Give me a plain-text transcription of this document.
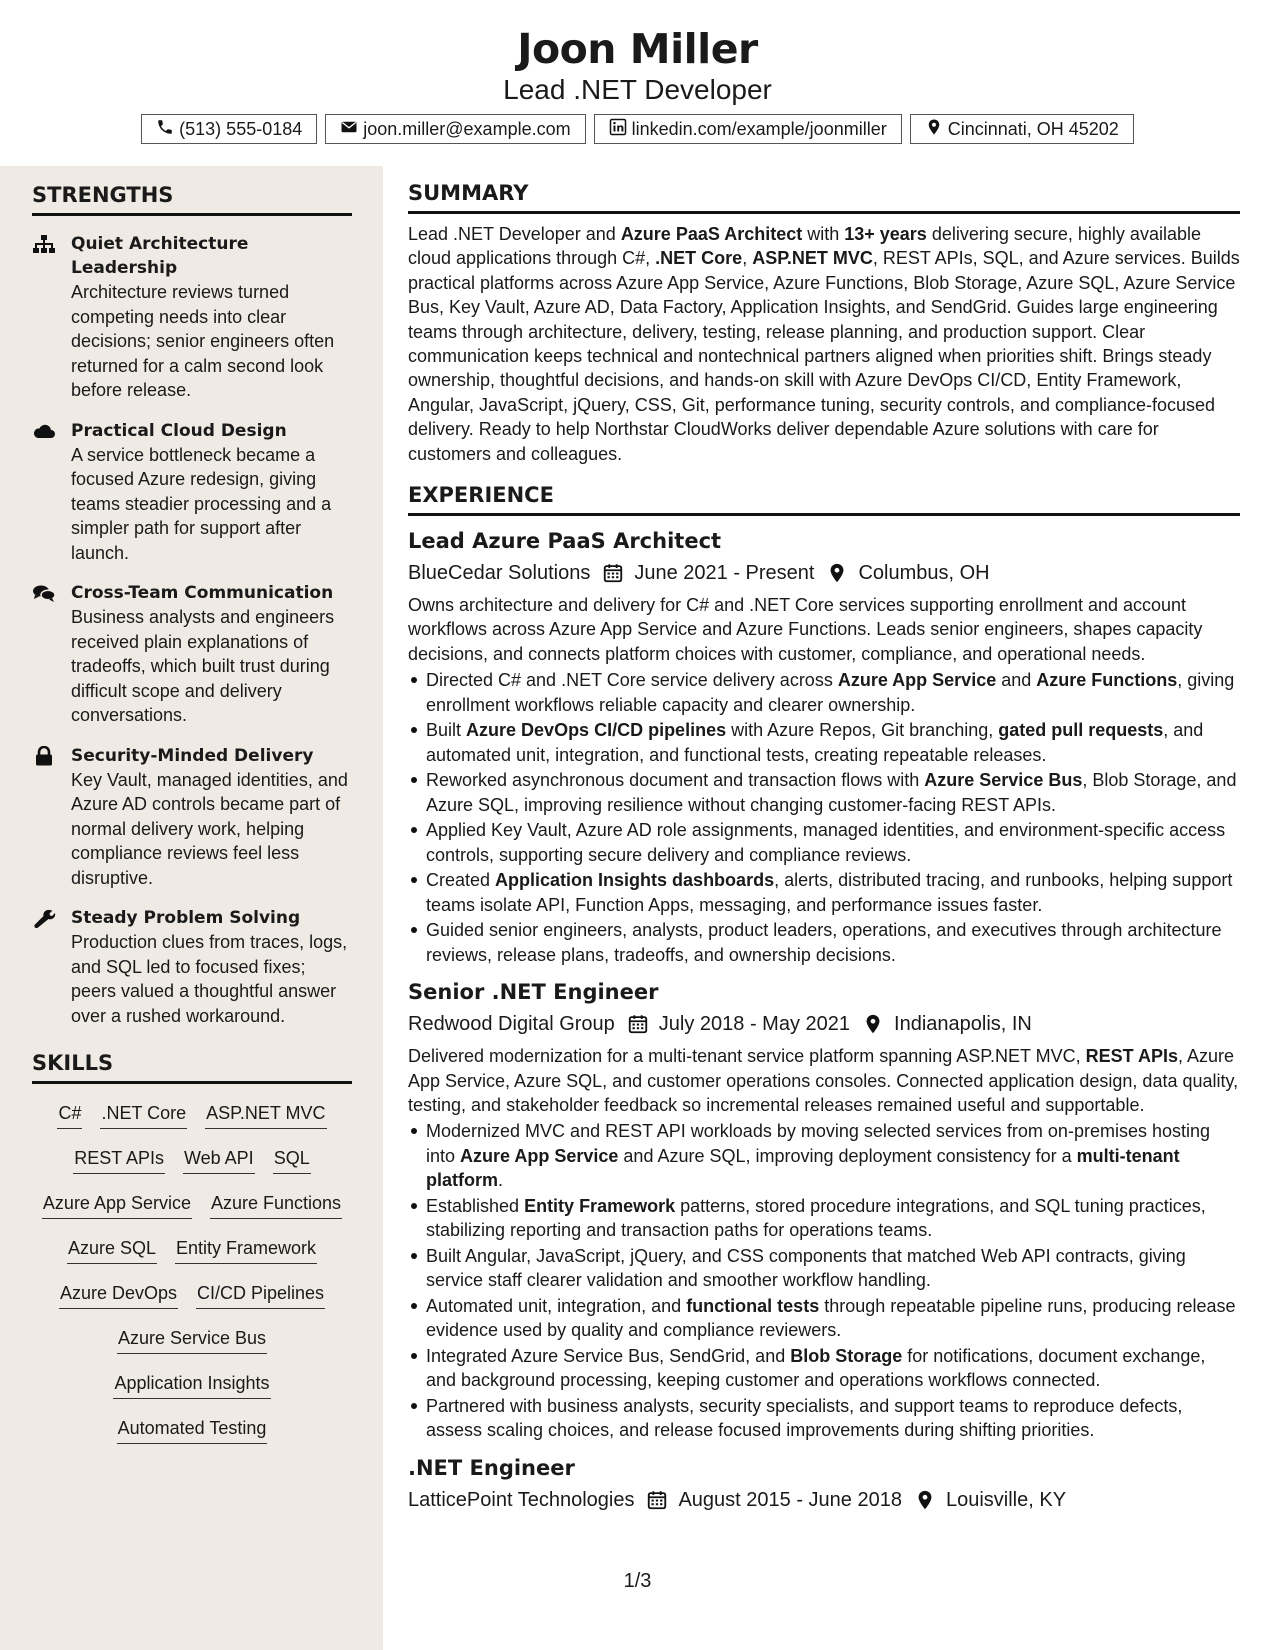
Joon Miller
Lead .NET Developer
(513) 555-0184	joon.miller@example.com	linkedin.com/example/joonmiller	Cincinnati, OH 45202
STRENGTHS
Quiet Architecture Leadership
Architecture reviews turned competing needs into clear decisions; senior engineers often returned for a calm second look before release.
Practical Cloud Design
A service bottleneck became a focused Azure redesign, giving teams steadier processing and a simpler path for support after launch.
Cross-Team Communication
Business analysts and engineers received plain explanations of tradeoffs, which built trust during difficult scope and delivery conversations.
Security-Minded Delivery
Key Vault, managed identities, and Azure AD controls became part of normal delivery work, helping compliance reviews feel less disruptive.
Steady Problem Solving
Production clues from traces, logs, and SQL led to focused fixes; peers valued a thoughtful answer over a rushed workaround.
SKILLS
C# .NET Core ASP.NET MVC
REST APIs Web API SQL
Azure App Service Azure Functions
Azure SQL Entity Framework
Azure DevOps CI/CD Pipelines
Azure Service Bus
Application Insights
Automated Testing
SUMMARY
Lead .NET Developer and Azure PaaS Architect with 13+ years delivering secure, highly available cloud applications through C#, .NET Core, ASP.NET MVC, REST APIs, SQL, and Azure services. Builds practical platforms across Azure App Service, Azure Functions, Blob Storage, Azure SQL, Azure Service Bus, Key Vault, Azure AD, Data Factory, Application Insights, and SendGrid. Guides large engineering teams through architecture, delivery, testing, release planning, and production support. Clear communication keeps technical and nontechnical partners aligned when priorities shift. Brings steady ownership, thoughtful decisions, and hands-on skill with Azure DevOps CI/CD, Entity Framework, Angular, JavaScript, jQuery, CSS, Git, performance tuning, security controls, and compliance-focused delivery. Ready to help Northstar CloudWorks deliver dependable Azure solutions with care for customers and colleagues.
EXPERIENCE
Lead Azure PaaS Architect
BlueCedar Solutions June 2021 - Present Columbus, OH
Owns architecture and delivery for C# and .NET Core services supporting enrollment and account workflows across Azure App Service and Azure Functions. Leads senior engineers, shapes capacity decisions, and connects platform choices with customer, compliance, and operational needs.
Directed C# and .NET Core service delivery across Azure App Service and Azure Functions, giving enrollment workflows reliable capacity and clearer ownership.
Built Azure DevOps CI/CD pipelines with Azure Repos, Git branching, gated pull requests, and automated unit, integration, and functional tests, creating repeatable releases.
Reworked asynchronous document and transaction flows with Azure Service Bus, Blob Storage, and Azure SQL, improving resilience without changing customer-facing REST APIs.
Applied Key Vault, Azure AD role assignments, managed identities, and environment-specific access controls, supporting secure delivery and compliance reviews.
Created Application Insights dashboards, alerts, distributed tracing, and runbooks, helping support teams isolate API, Function Apps, messaging, and performance issues faster.
Guided senior engineers, analysts, product leaders, operations, and executives through architecture reviews, release plans, tradeoffs, and ownership decisions.
Senior .NET Engineer
Redwood Digital Group July 2018 - May 2021 Indianapolis, IN
Delivered modernization for a multi-tenant service platform spanning ASP.NET MVC, REST APIs, Azure App Service, Azure SQL, and customer operations consoles. Connected application design, data quality, testing, and stakeholder feedback so incremental releases remained useful and supportable.
Modernized MVC and REST API workloads by moving selected services from on-premises hosting into Azure App Service and Azure SQL, improving deployment consistency for a multi-tenant platform.
Established Entity Framework patterns, stored procedure integrations, and SQL tuning practices, stabilizing reporting and transaction paths for operations teams.
Built Angular, JavaScript, jQuery, and CSS components that matched Web API contracts, giving service staff clearer validation and smoother workflow handling.
Automated unit, integration, and functional tests through repeatable pipeline runs, producing release evidence used by quality and compliance reviewers.
Integrated Azure Service Bus, SendGrid, and Blob Storage for notifications, document exchange, and background processing, keeping customer and operations workflows connected.
Partnered with business analysts, security specialists, and support teams to reproduce defects, assess scaling choices, and release focused improvements during shifting priorities.
.NET Engineer
LatticePoint Technologies August 2015 - June 2018 Louisville, KY
1/3
